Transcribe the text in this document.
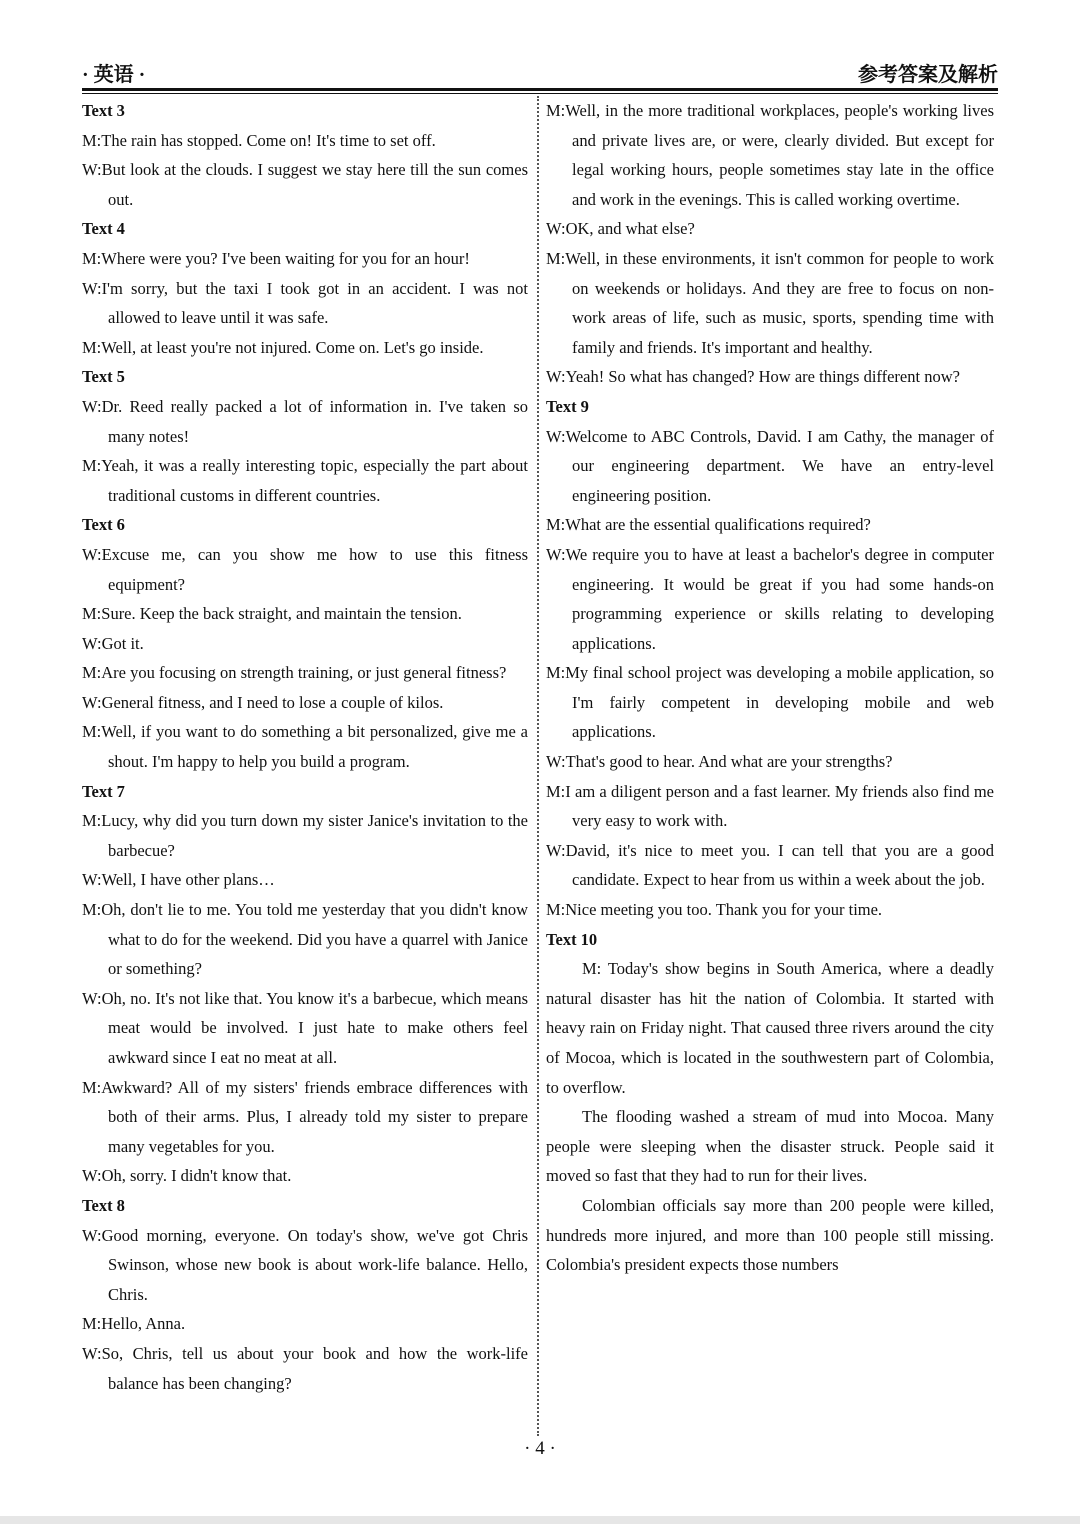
· 英语 ·	参考答案及解析

Text 3

M:The rain has stopped. Come on! It's time to set off.

W:But look at the clouds. I suggest we stay here till the sun comes out.

Text 4

M:Where were you? I've been waiting for you for an hour!

W:I'm sorry, but the taxi I took got in an accident. I was not allowed to leave until it was safe.

M:Well, at least you're not injured. Come on. Let's go inside.

Text 5

W:Dr. Reed really packed a lot of information in. I've taken so many notes!

M:Yeah, it was a really interesting topic, especially the part about traditional customs in different countries.

Text 6

W:Excuse me, can you show me how to use this fitness equipment?

M:Sure. Keep the back straight, and maintain the tension.

W:Got it.

M:Are you focusing on strength training, or just general fitness?

W:General fitness, and I need to lose a couple of kilos.

M:Well, if you want to do something a bit personalized, give me a shout. I'm happy to help you build a program.

Text 7

M:Lucy, why did you turn down my sister Janice's invitation to the barbecue?

W:Well, I have other plans…

M:Oh, don't lie to me. You told me yesterday that you didn't know what to do for the weekend. Did you have a quarrel with Janice or something?

W:Oh, no. It's not like that. You know it's a barbecue, which means meat would be involved. I just hate to make others feel awkward since I eat no meat at all.

M:Awkward? All of my sisters' friends embrace differences with both of their arms. Plus, I already told my sister to prepare many vegetables for you.

W:Oh, sorry. I didn't know that.

Text 8

W:Good morning, everyone. On today's show, we've got Chris Swinson, whose new book is about work-life balance. Hello, Chris.

M:Hello, Anna.

W:So, Chris, tell us about your book and how the work-life balance has been changing?

M:Well, in the more traditional workplaces, people's working lives and private lives are, or were, clearly divided. But except for legal working hours, people sometimes stay late in the office and work in the evenings. This is called working overtime.

W:OK, and what else?

M:Well, in these environments, it isn't common for people to work on weekends or holidays. And they are free to focus on non-work areas of life, such as music, sports, spending time with family and friends. It's important and healthy.

W:Yeah! So what has changed? How are things different now?

Text 9

W:Welcome to ABC Controls, David. I am Cathy, the manager of our engineering department. We have an entry-level engineering position.

M:What are the essential qualifications required?

W:We require you to have at least a bachelor's degree in computer engineering. It would be great if you had some hands-on programming experience or skills relating to developing applications.

M:My final school project was developing a mobile application, so I'm fairly competent in developing mobile and web applications.

W:That's good to hear. And what are your strengths?

M:I am a diligent person and a fast learner. My friends also find me very easy to work with.

W:David, it's nice to meet you. I can tell that you are a good candidate. Expect to hear from us within a week about the job.

M:Nice meeting you too. Thank you for your time.

Text 10

M: Today's show begins in South America, where a deadly natural disaster has hit the nation of Colombia. It started with heavy rain on Friday night. That caused three rivers around the city of Mocoa, which is located in the southwestern part of Colombia, to overflow.

The flooding washed a stream of mud into Mocoa. Many people were sleeping when the disaster struck. People said it moved so fast that they had to run for their lives.

Colombian officials say more than 200 people were killed, hundreds more injured, and more than 100 people still missing. Colombia's president expects those numbers

· 4 ·
